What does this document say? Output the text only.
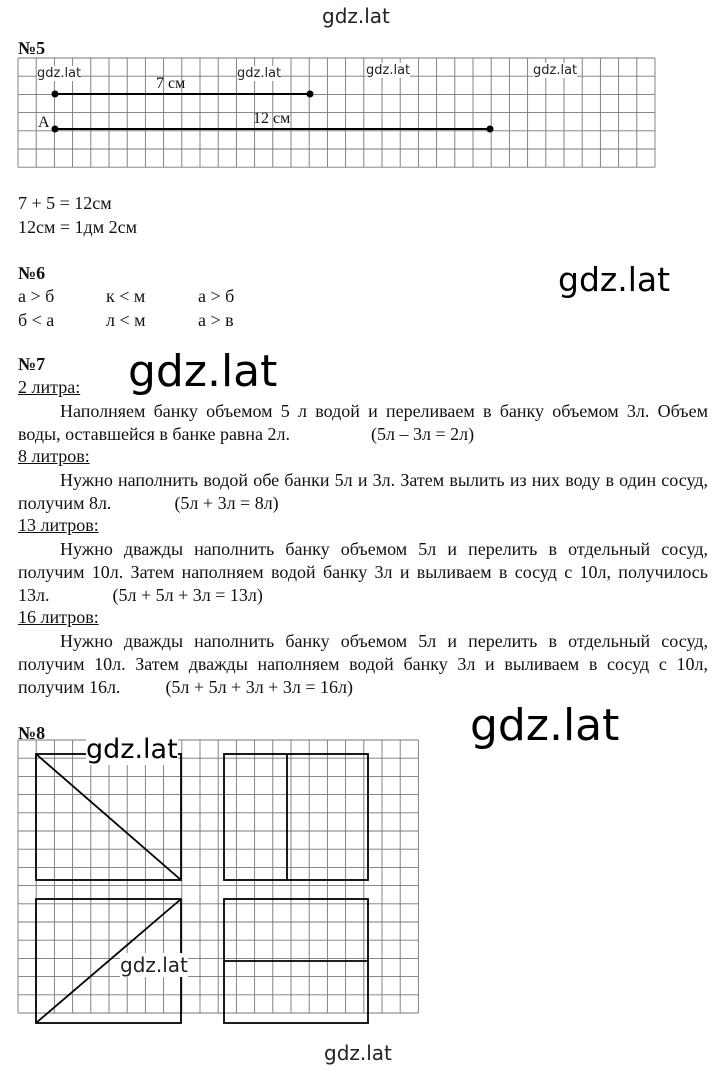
gdz.lat
gdz.lat
№5
7 см
12 см
А
gdz.lat	gdz.lat	gdz.lat	gdz.lat
7 + 5 = 12см
12см = 1дм 2см
№6	gdz.lat
а > б	к < м	а > б
б < а	л < м	а > в
№7 gdz.lat
2 литра:

Наполняем банку объемом 5 л водой и переливаем в банку объемом 3л. Объем воды, оставшейся в банке равна 2л.	(5л – 3л = 2л)

8 литров:

Нужно наполнить водой обе банки 5л и 3л. Затем вылить из них воду в один сосуд, получим 8л.	(5л + 3л = 8л)

13 литров:

Нужно дважды наполнить банку объемом 5л и перелить в отдельный сосуд, получим 10л. Затем наполняем водой банку 3л и выливаем в сосуд с 10л, получилось 13л.	(5л + 5л + 3л = 13л)

16 литров:

Нужно дважды наполнить банку объемом 5л и перелить в отдельный сосуд, получим 10л. Затем дважды наполняем водой банку 3л и выливаем в сосуд с 10л, получим 16л.	(5л + 5л + 3л + 3л = 16л)

№8	gdz.lat
gdz.lat
gdz.lat
